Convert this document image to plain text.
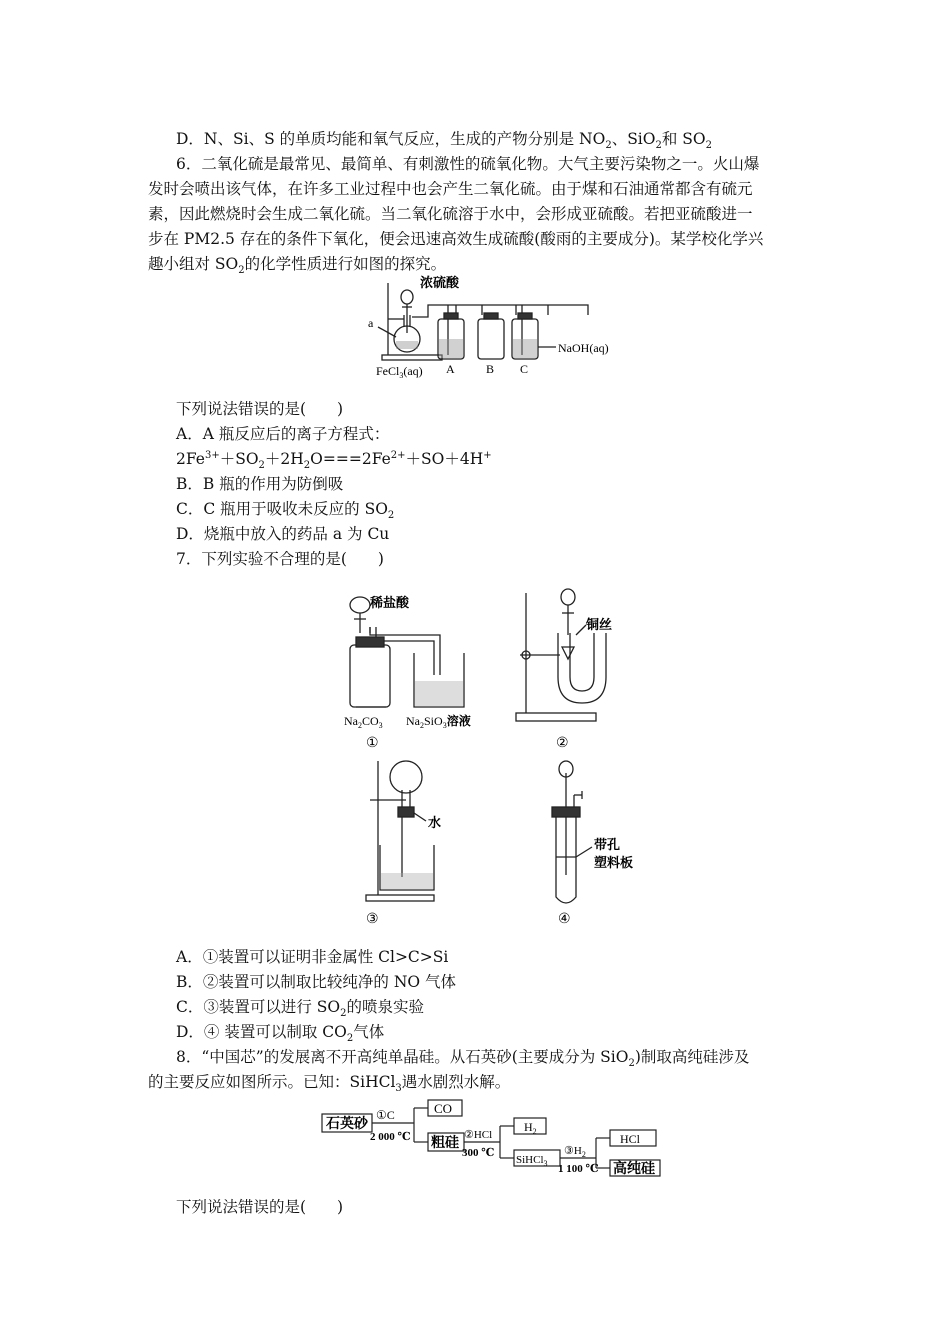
D．N、Si、S 的单质均能和氧气反应，生成的产物分别是 $NO_2$、SiO$_2$和 $SO_2$
6．二氧化硫是最常见、最简单、有刺激性的硫氧化物。大气主要污染物之一。火山爆
发时会喷出该气体，在许多工业过程中也会产生二氧化硫。由于煤和石油通常都含有硫元
素，因此燃烧时会生成二氧化硫。当二氧化硫溶于水中，会形成亚硫酸。若把亚硫酸进一
步在 PM2.5 存在的条件下氧化，便会迅速高效生成硫酸(酸雨的主要成分)。某学校化学兴
趣小组对 $SO_2$的化学性质进行如图的探究。
浓硫酸
a
FeCl$_3$(aq) A	B C
NaOH(aq)
下列说法错误的是(　　)
A．A 瓶反应后的离子方程式：
$2Fe^{3+}+SO_2+2H_2O===2Fe^{2+}+SO+4H^+$
B．B 瓶的作用为防倒吸
C．C 瓶用于吸收未反应的 $SO_2$
D．烧瓶中放入的药品 a 为 Cu
7．下列实验不合理的是(　　)
稀盐酸
$Na_2CO_3$ $Na_2SiO_3$溶液
①	②
③	④
铜丝
水
带孔
塑料板
A．①装置可以证明非金属性 Cl>C>Si
B．②装置可以制取比较纯净的 NO 气体
C．③装置可以进行 $SO_2$的喷泉实验
D．④ 装置可以制取 $CO_2$气体
8．“中国芯”的发展离不开高纯单晶硅。从石英砂(主要成分为 SiO$_2$)制取高纯硅涉及
的主要反应如图所示。已知：SiHCl$_3$遇水剧烈水解。
石英砂
①C
2 000 ℃
CO
粗硅
②HCl
300 ℃
$H_2$
SiHCl$_3$
$③H_2$
1 100 ℃
HCl
高纯硅
下列说法错误的是(　　)
